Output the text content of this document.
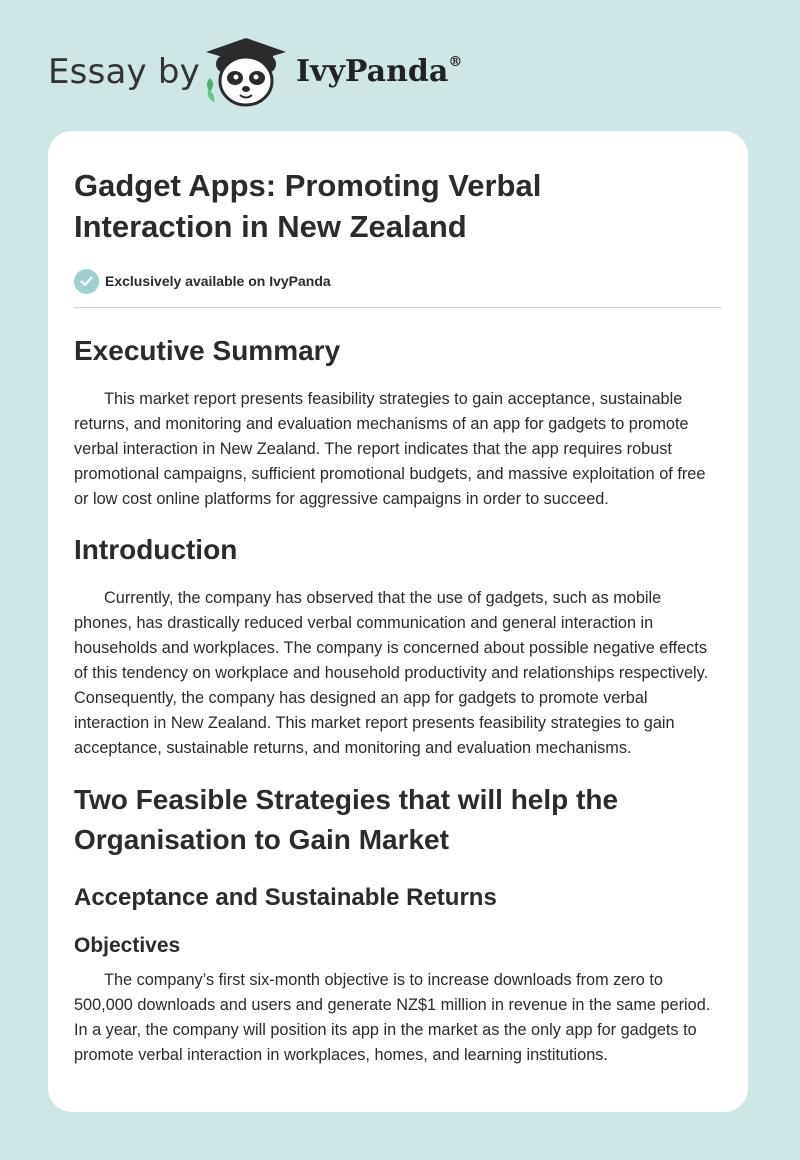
Essay by	IvyPanda®
Gadget Apps: Promoting Verbal Interaction in New Zealand
Exclusively available on IvyPanda
Executive Summary

This market report presents feasibility strategies to gain acceptance, sustainable returns, and monitoring and evaluation mechanisms of an app for gadgets to promote verbal interaction in New Zealand. The report indicates that the app requires robust promotional campaigns, sufficient promotional budgets, and massive exploitation of free or low cost online platforms for aggressive campaigns in order to succeed.

Introduction

Currently, the company has observed that the use of gadgets, such as mobile phones, has drastically reduced verbal communication and general interaction in households and workplaces. The company is concerned about possible negative effects of this tendency on workplace and household productivity and relationships respectively. Consequently, the company has designed an app for gadgets to promote verbal interaction in New Zealand. This market report presents feasibility strategies to gain acceptance, sustainable returns, and monitoring and evaluation mechanisms.

Two Feasible Strategies that will help the Organisation to Gain Market
Acceptance and Sustainable Returns
Objectives

The company’s first six-month objective is to increase downloads from zero to 500,000 downloads and users and generate NZ$1 million in revenue in the same period. In a year, the company will position its app in the market as the only app for gadgets to promote verbal interaction in workplaces, homes, and learning institutions.
